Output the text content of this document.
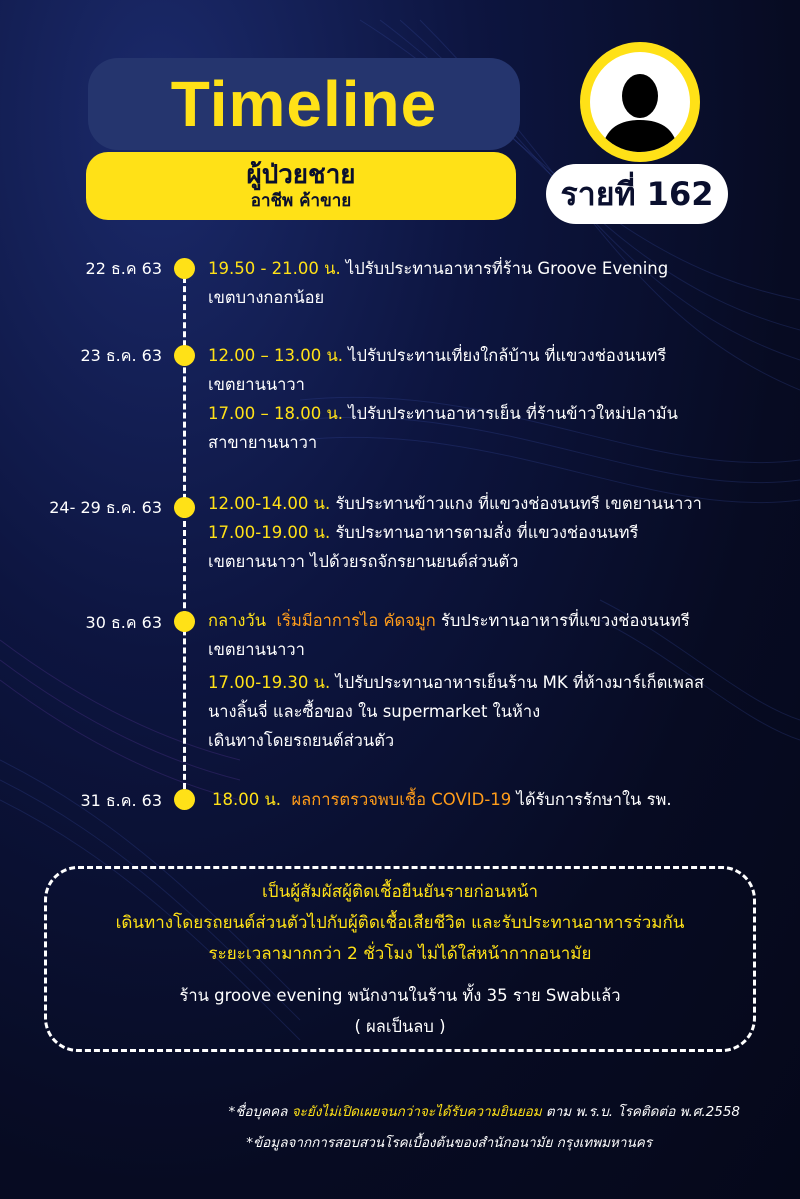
Timeline
ผู้ป่วยชาย
อาชีพ ค้าขาย	รายที่ 162
22 ธ.ค 63	19.50 - 21.00 น. ไปรับประทานอาหารที่ร้าน Groove Evening
เขตบางกอกน้อย
23 ธ.ค. 63	12.00 – 13.00 น. ไปรับประทานเที่ยงใกล้บ้าน ที่แขวงช่องนนทรี
เขตยานนาวา
17.00 – 18.00 น. ไปรับประทานอาหารเย็น ที่ร้านข้าวใหม่ปลามัน
สาขายานนาวา
24- 29 ธ.ค. 63	12.00-14.00 น. รับประทานข้าวแกง ที่แขวงช่องนนทรี เขตยานนาวา
17.00-19.00 น. รับประทานอาหารตามสั่ง ที่แขวงช่องนนทรี
เขตยานนาวา ไปด้วยรถจักรยานยนต์ส่วนตัว
30 ธ.ค 63	กลางวัน เริ่มมีอาการไอ คัดจมูก รับประทานอาหารที่แขวงช่องนนทรี
เขตยานนาวา
17.00-19.30 น. ไปรับประทานอาหารเย็นร้าน MK ที่ห้างมาร์เก็ตเพลส
นางลิ้นจี่ และซื้อของ ใน supermarket ในห้าง
เดินทางโดยรถยนต์ส่วนตัว
31 ธ.ค. 63	18.00 น. ผลการตรวจพบเชื้อ COVID-19 ได้รับการรักษาใน รพ.
เป็นผู้สัมผัสผู้ติดเชื้อยืนยันรายก่อนหน้า
เดินทางโดยรถยนต์ส่วนตัวไปกับผู้ติดเชื้อเสียชีวิต และรับประทานอาหารร่วมกัน
ระยะเวลามากกว่า 2 ชั่วโมง ไม่ได้ใส่หน้ากากอนามัย
ร้าน groove evening พนักงานในร้าน ทั้ง 35 ราย Swabแล้ว
( ผลเป็นลบ )
*ชื่อบุคคล จะยังไม่เปิดเผยจนกว่าจะได้รับความยินยอม ตาม พ.ร.บ. โรคติดต่อ พ.ศ.2558
*ข้อมูลจากการสอบสวนโรคเบื้องต้นของสำนักอนามัย กรุงเทพมหานคร
